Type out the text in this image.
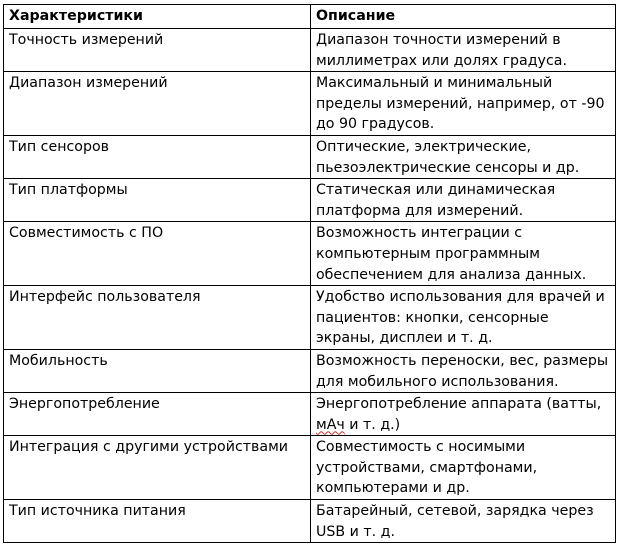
Характеристики	Описание
Точность измерений	Диапазон точности измерений в миллиметрах или долях градуса.
Диапазон измерений	Максимальный и минимальный пределы измерений, например, от -90 до 90 градусов.
Тип сенсоров	Оптические, электрические, пьезоэлектрические сенсоры и др.
Тип платформы	Статическая или динамическая платформа для измерений.
Совместимость с ПО	Возможность интеграции с компьютерным программным обеспечением для анализа данных.
Интерфейс пользователя	Удобство использования для врачей и пациентов: кнопки, сенсорные экраны, дисплеи и т. д.
Мобильность	Возможность переноски, вес, размеры для мобильного использования.
Энергопотребление	Энергопотребление аппарата (ватты, мАч и т. д.)
Интеграция с другими устройствами	Совместимость с носимыми устройствами, смартфонами, компьютерами и др.
Тип источника питания	Батарейный, сетевой, зарядка через USB и т. д.
